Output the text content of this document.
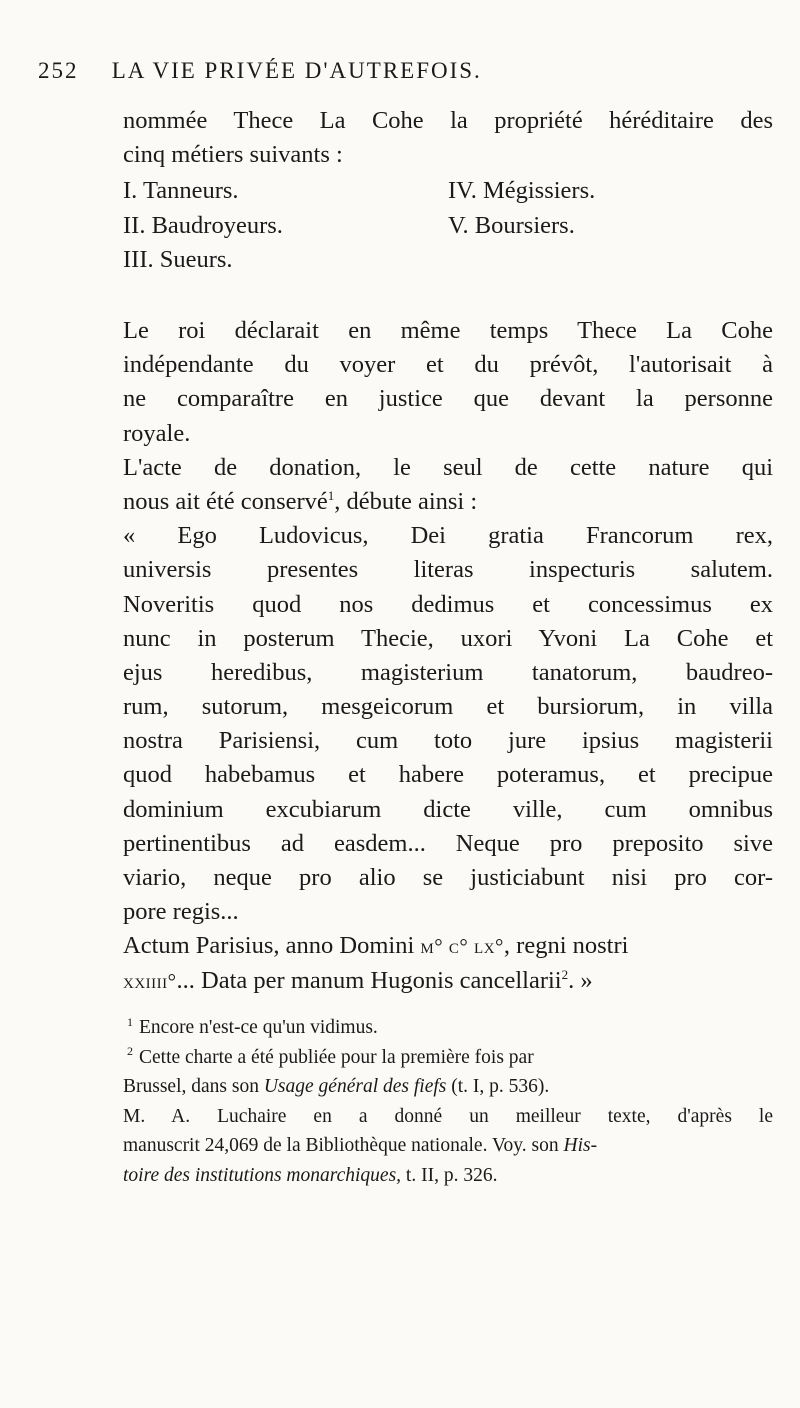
252 LA VIE PRIVÉE D'AUTREFOIS.
nommée Thece La Cohe la propriété héréditaire des
cinq métiers suivants :
I. Tanneurs.	IV. Mégissiers.
II. Baudroyeurs.	V. Boursiers.
III. Sueurs.
Le roi déclarait en même temps Thece La Cohe
indépendante du voyer et du prévôt, l'autorisait à
ne comparaître en justice que devant la personne
royale.
L'acte de donation, le seul de cette nature qui
nous ait été conservé$^1$, débute ainsi :
« Ego Ludovicus, Dei gratia Francorum rex,
universis presentes literas inspecturis salutem.
Noveritis quod nos dedimus et concessimus ex
nunc in posterum Thecie, uxori Yvoni La Cohe et
ejus heredibus, magisterium tanatorum, baudreo-
rum, sutorum, mesgeicorum et bursiorum, in villa
nostra Parisiensi, cum toto jure ipsius magisterii
quod habebamus et habere poteramus, et precipue
dominium excubiarum dicte ville, cum omnibus
pertinentibus ad easdem... Neque pro preposito sive
viario, neque pro alio se justiciabunt nisi pro cor-
pore regis...
Actum Parisius, anno Domini m° c° lx°, regni nostri
xxiiii°... Data per manum Hugonis cancellarii$^2$. »
$^1$ Encore n'est-ce qu'un vidimus.
$^2$ Cette charte a été publiée pour la première fois par
Brussel, dans son Usage général des fiefs (t. I, p. 536).
M. A. Luchaire en a donné un meilleur texte, d'après le
manuscrit 24,069 de la Bibliothèque nationale. Voy. son His-
toire des institutions monarchiques, t. II, p. 326.
